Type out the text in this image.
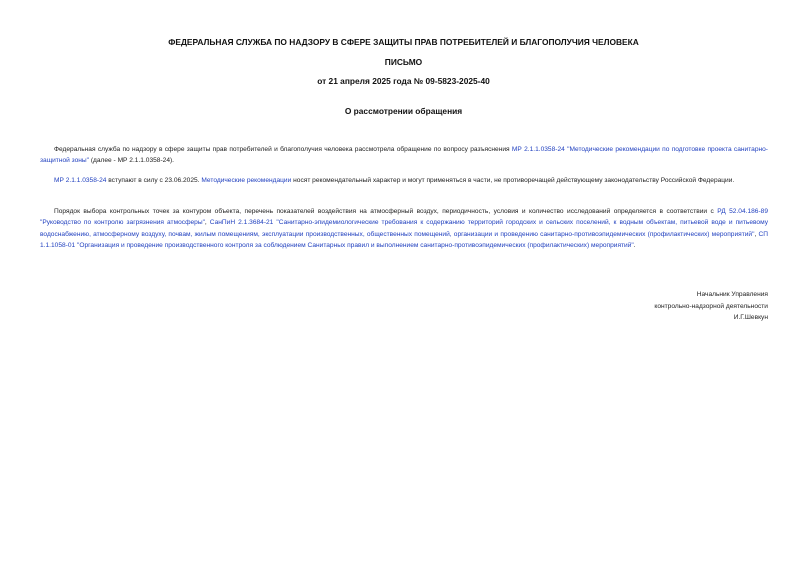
ФЕДЕРАЛЬНАЯ СЛУЖБА ПО НАДЗОРУ В СФЕРЕ ЗАЩИТЫ ПРАВ ПОТРЕБИТЕЛЕЙ И БЛАГОПОЛУЧИЯ ЧЕЛОВЕКА
ПИСЬМО
от 21 апреля 2025 года № 09-5823-2025-40
О рассмотрении обращения

Федеральная служба по надзору в сфере защиты прав потребителей и благополучия человека рассмотрела обращение по вопросу разъяснения МР 2.1.1.0358-24 "Методические рекомендации по подготовке проекта санитарно-защитной зоны" (далее - МР 2.1.1.0358-24).

МР 2.1.1.0358-24 вступают в силу с 23.06.2025. Методические рекомендации носят рекомендательный характер и могут применяться в части, не противоречащей действующему законодательству Российской Федерации.

Порядок выбора контрольных точек за контуром объекта, перечень показателей воздействия на атмосферный воздух, периодичность, условия и количество исследований определяется в соответствии с РД 52.04.186-89 "Руководство по контролю загрязнения атмосферы", СанПиН 2.1.3684-21 "Санитарно-эпидемиологические требования к содержанию территорий городских и сельских поселений, к водным объектам, питьевой воде и питьевому водоснабжению, атмосферному воздуху, почвам, жилым помещениям, эксплуатации производственных, общественных помещений, организации и проведению санитарно-противоэпидемических (профилактических) мероприятий", СП 1.1.1058-01 "Организация и проведение производственного контроля за соблюдением Санитарных правил и выполнением санитарно-противоэпидемических (профилактических) мероприятий".

Начальник Управления
контрольно-надзорной деятельности
И.Г.Шевкун
